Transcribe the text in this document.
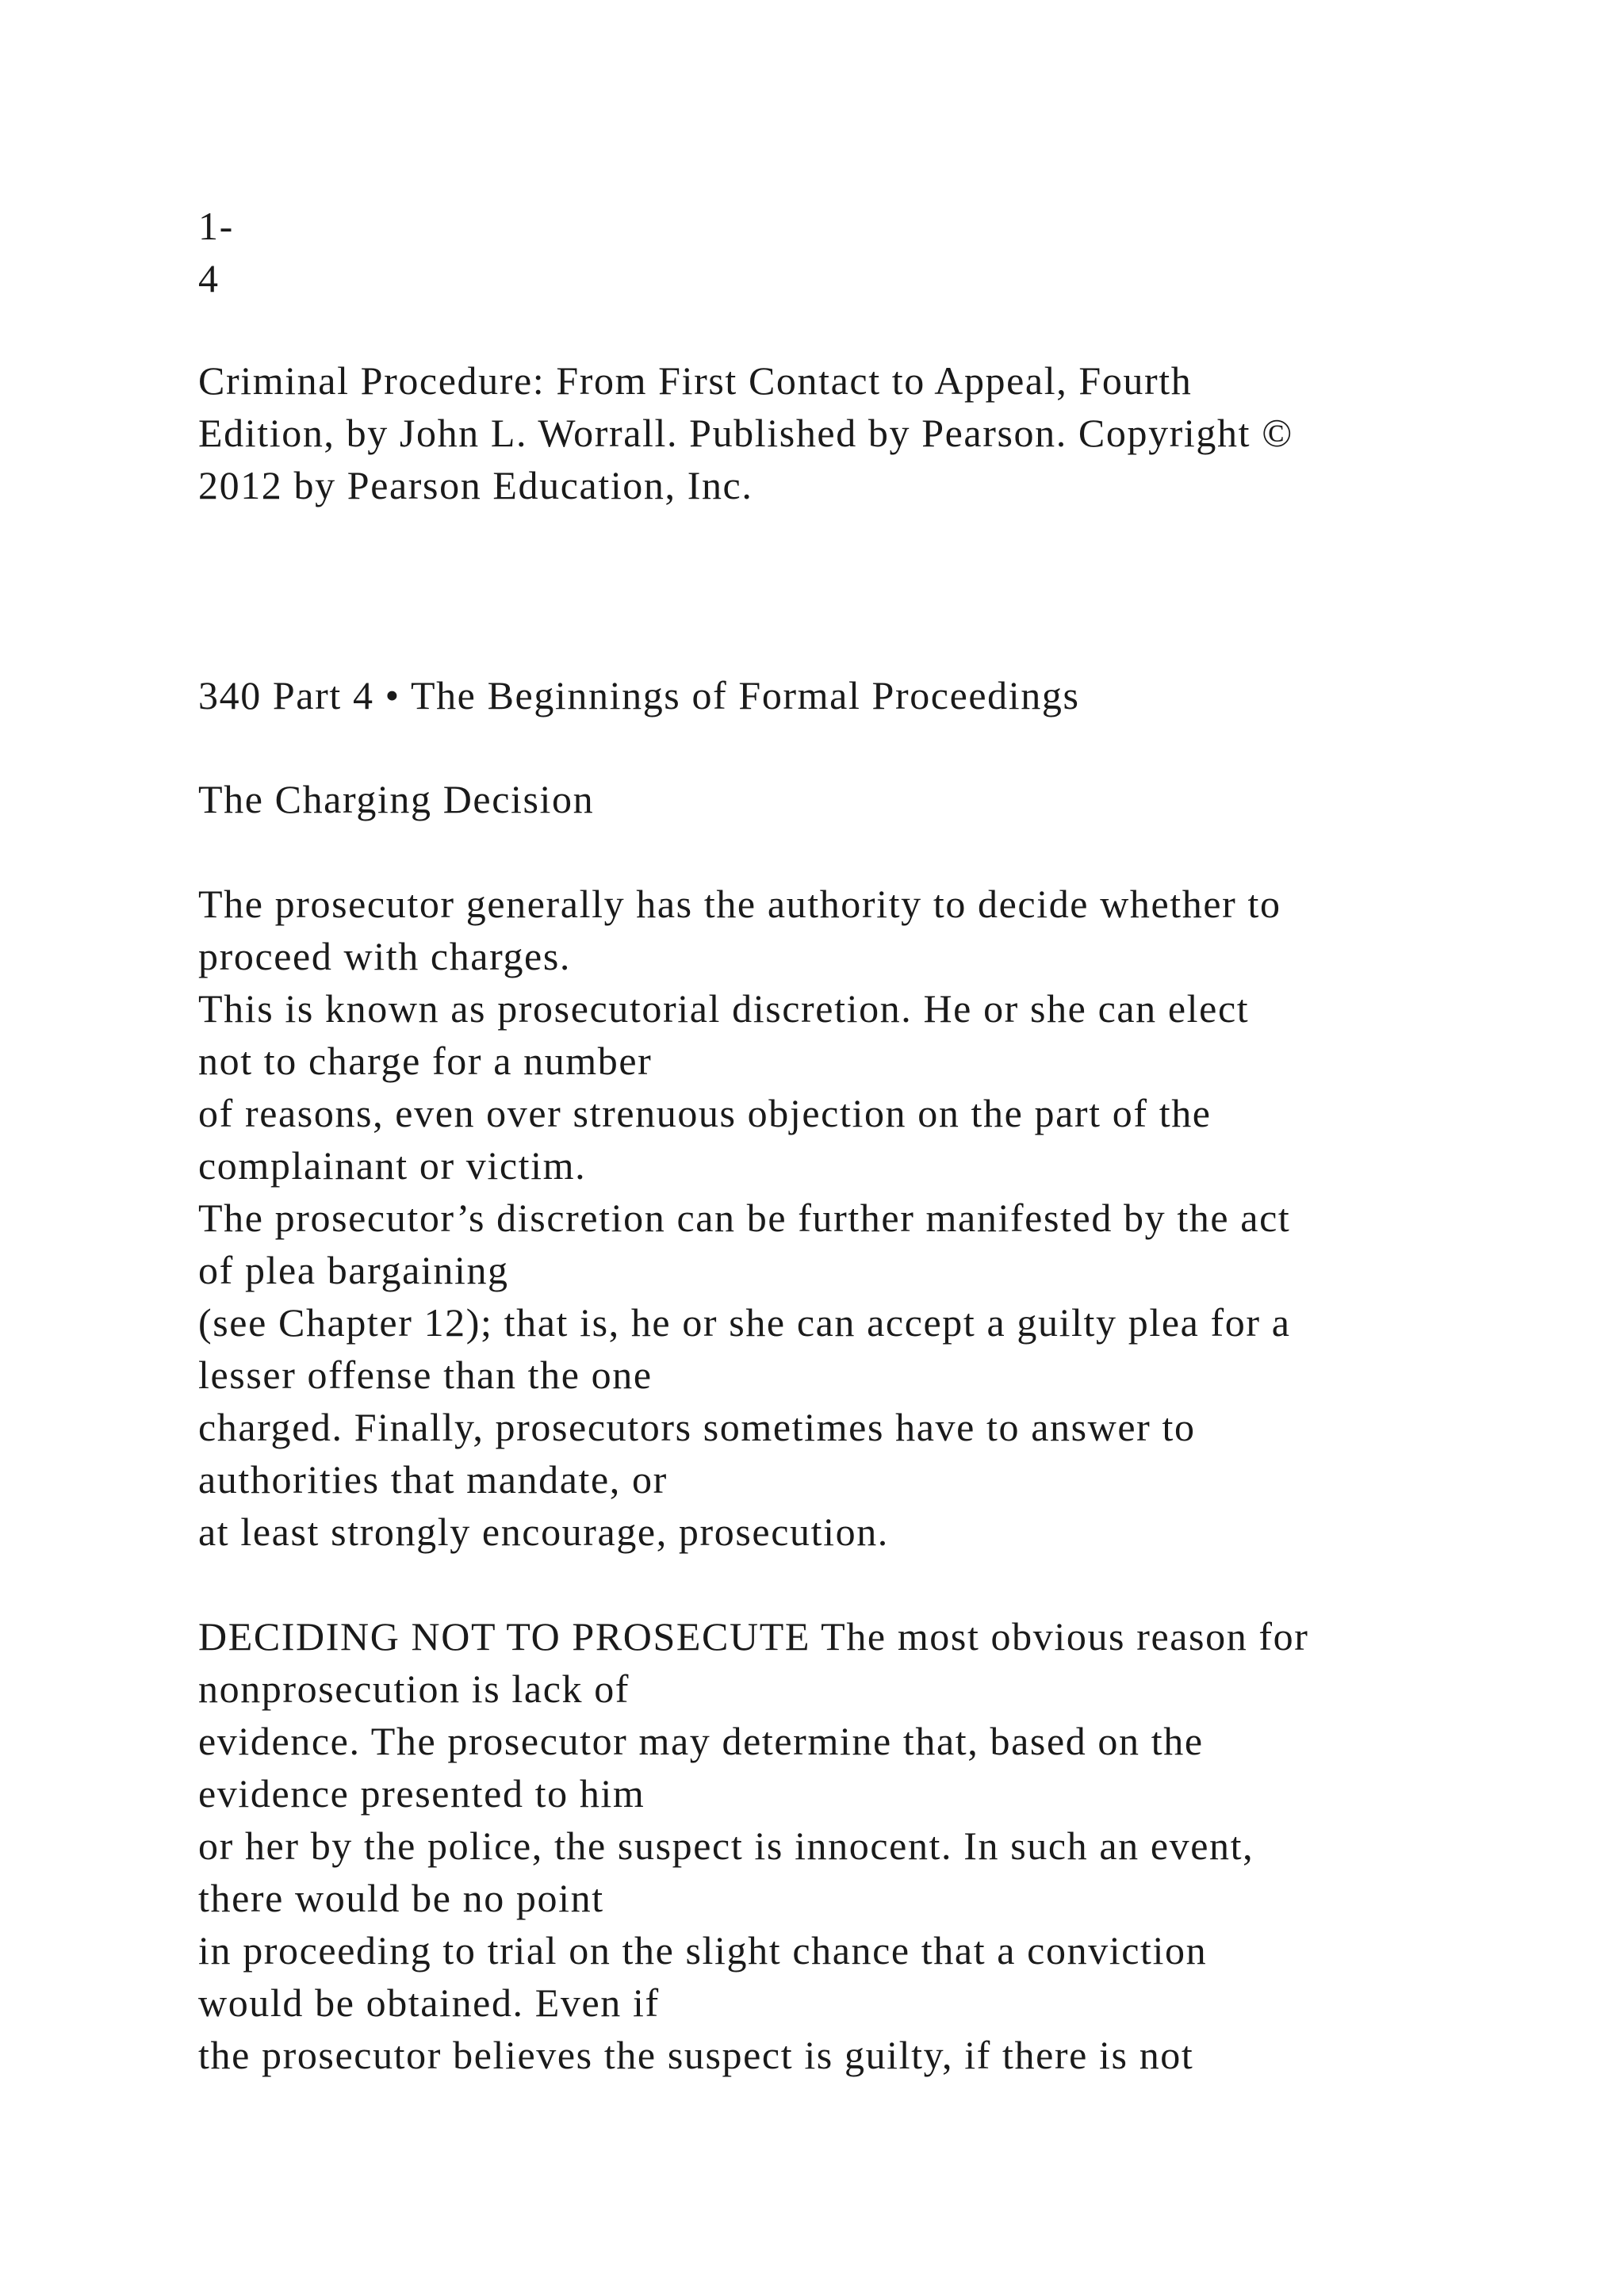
1-
4
Criminal Procedure: From First Contact to Appeal, Fourth
Edition, by John L. Worrall. Published by Pearson. Copyright ©
2012 by Pearson Education, Inc.
340 Part 4 • The Beginnings of Formal Proceedings
The Charging Decision
The prosecutor generally has the authority to decide whether to
proceed with charges.
This is known as prosecutorial discretion. He or she can elect
not to charge for a number
of reasons, even over strenuous objection on the part of the
complainant or victim.
The prosecutor’s discretion can be further manifested by the act
of plea bargaining
(see Chapter 12); that is, he or she can accept a guilty plea for a
lesser offense than the one
charged. Finally, prosecutors sometimes have to answer to
authorities that mandate, or
at least strongly encourage, prosecution.
DECIDING NOT TO PROSECUTE The most obvious reason for
nonprosecution is lack of
evidence. The prosecutor may determine that, based on the
evidence presented to him
or her by the police, the suspect is innocent. In such an event,
there would be no point
in proceeding to trial on the slight chance that a conviction
would be obtained. Even if
the prosecutor believes the suspect is guilty, if there is not
